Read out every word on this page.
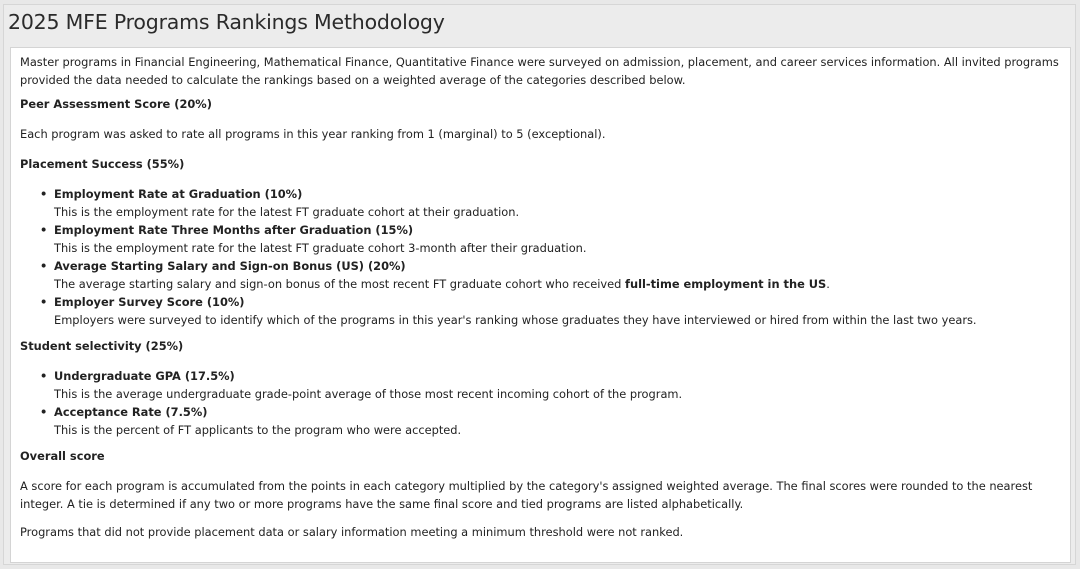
2025 MFE Programs Rankings Methodology

Master programs in Financial Engineering, Mathematical Finance, Quantitative Finance were surveyed on admission, placement, and career services information. All invited programs provided the data needed to calculate the rankings based on a weighted average of the categories described below.

Peer Assessment Score (20%)

Each program was asked to rate all programs in this year ranking from 1 (marginal) to 5 (exceptional).

Placement Success (55%)

• Employment Rate at Graduation (10%)
This is the employment rate for the latest FT graduate cohort at their graduation.
• Employment Rate Three Months after Graduation (15%)
This is the employment rate for the latest FT graduate cohort 3-month after their graduation.
• Average Starting Salary and Sign-on Bonus (US) (20%)
The average starting salary and sign-on bonus of the most recent FT graduate cohort who received full-time employment in the US.
• Employer Survey Score (10%)
Employers were surveyed to identify which of the programs in this year's ranking whose graduates they have interviewed or hired from within the last two years.

Student selectivity (25%)

• Undergraduate GPA (17.5%)
This is the average undergraduate grade-point average of those most recent incoming cohort of the program.
• Acceptance Rate (7.5%)
This is the percent of FT applicants to the program who were accepted.

Overall score

A score for each program is accumulated from the points in each category multiplied by the category's assigned weighted average. The final scores were rounded to the nearest integer. A tie is determined if any two or more programs have the same final score and tied programs are listed alphabetically.

Programs that did not provide placement data or salary information meeting a minimum threshold were not ranked.
